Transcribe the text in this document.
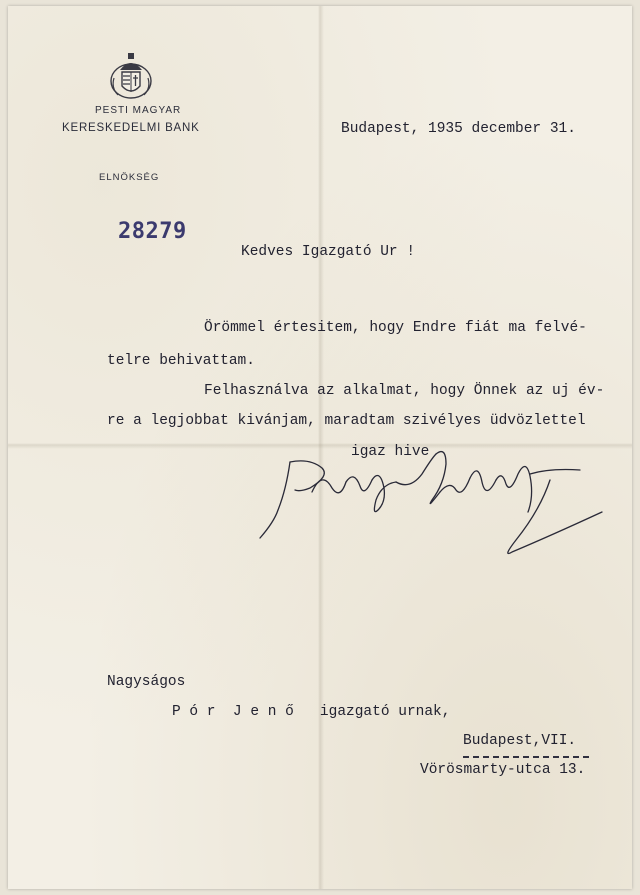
PESTI MAGYAR
KERESKEDELMI BANK
ELNÖKSÉG
28279
Budapest, 1935 december 31.
Kedves Igazgató Ur !
Örömmel értesitem, hogy Endre fiát ma felvé-
telre behivattam.
Felhasználva az alkalmat, hogy Önnek az uj év-
re a legjobbat kivánjam, maradtam szivélyes üdvözlettel
igaz hive
Nagyságos
P ó r  J e n ő   igazgató urnak,
Budapest,VII.
Vörösmarty-utca 13.
